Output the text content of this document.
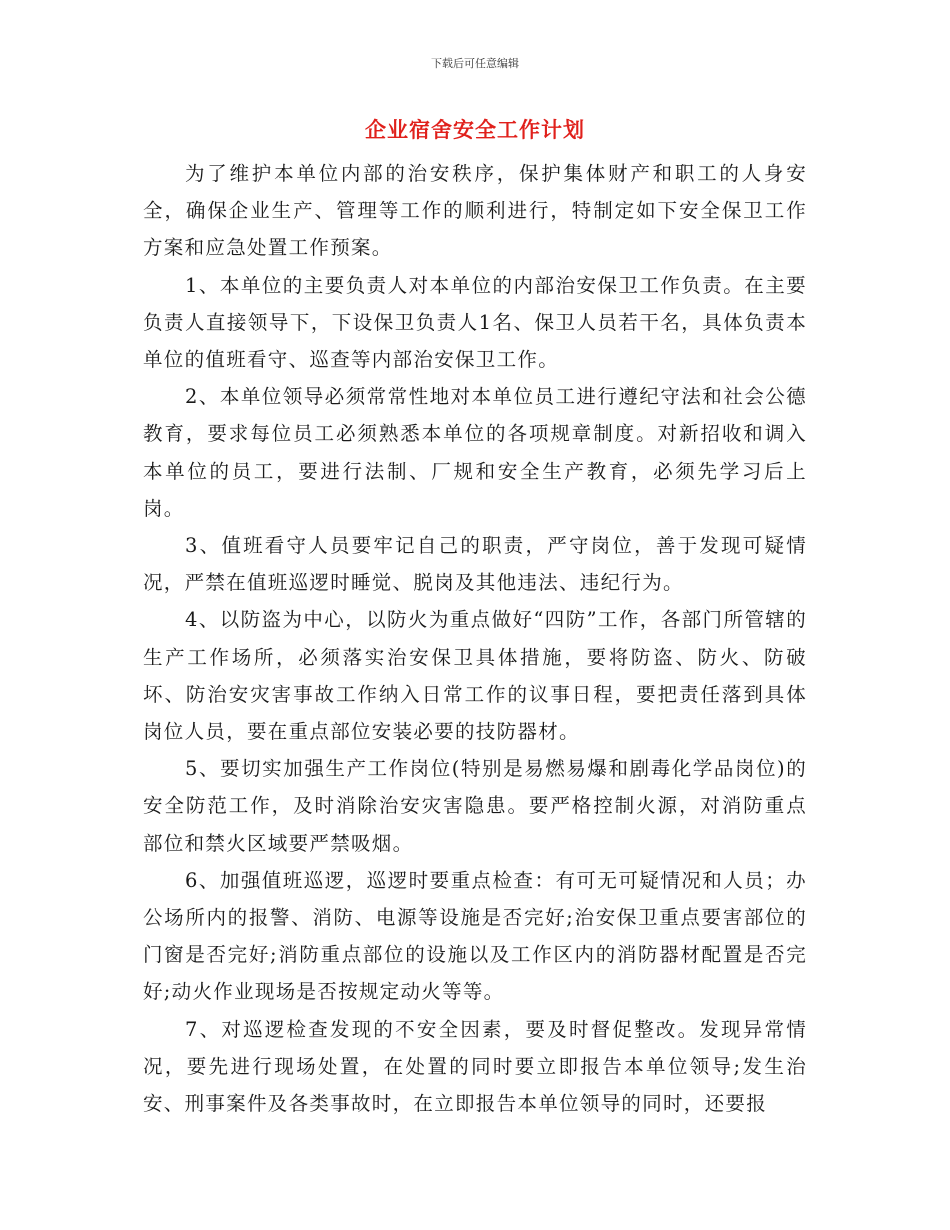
下载后可任意编辑
企业宿舍安全工作计划

为了维护本单位内部的治安秩序，保护集体财产和职工的人身安全，确保企业生产、管理等工作的顺利进行，特制定如下安全保卫工作方案和应急处置工作预案。

1、本单位的主要负责人对本单位的内部治安保卫工作负责。在主要负责人直接领导下，下设保卫负责人1名、保卫人员若干名，具体负责本单位的值班看守、巡查等内部治安保卫工作。

2、本单位领导必须常常性地对本单位员工进行遵纪守法和社会公德教育，要求每位员工必须熟悉本单位的各项规章制度。对新招收和调入本单位的员工，要进行法制、厂规和安全生产教育，必须先学习后上岗。

3、值班看守人员要牢记自己的职责，严守岗位，善于发现可疑情况，严禁在值班巡逻时睡觉、脱岗及其他违法、违纪行为。

4、以防盗为中心，以防火为重点做好“四防”工作，各部门所管辖的生产工作场所，必须落实治安保卫具体措施，要将防盗、防火、防破坏、防治安灾害事故工作纳入日常工作的议事日程，要把责任落到具体岗位人员，要在重点部位安装必要的技防器材。

5、要切实加强生产工作岗位(特别是易燃易爆和剧毒化学品岗位)的安全防范工作，及时消除治安灾害隐患。要严格控制火源，对消防重点部位和禁火区域要严禁吸烟。

6、加强值班巡逻，巡逻时要重点检查：有可无可疑情况和人员；办公场所内的报警、消防、电源等设施是否完好;治安保卫重点要害部位的门窗是否完好;消防重点部位的设施以及工作区内的消防器材配置是否完好;动火作业现场是否按规定动火等等。

7、对巡逻检查发现的不安全因素，要及时督促整改。发现异常情况，要先进行现场处置，在处置的同时要立即报告本单位领导;发生治安、刑事案件及各类事故时，在立即报告本单位领导的同时，还要报
